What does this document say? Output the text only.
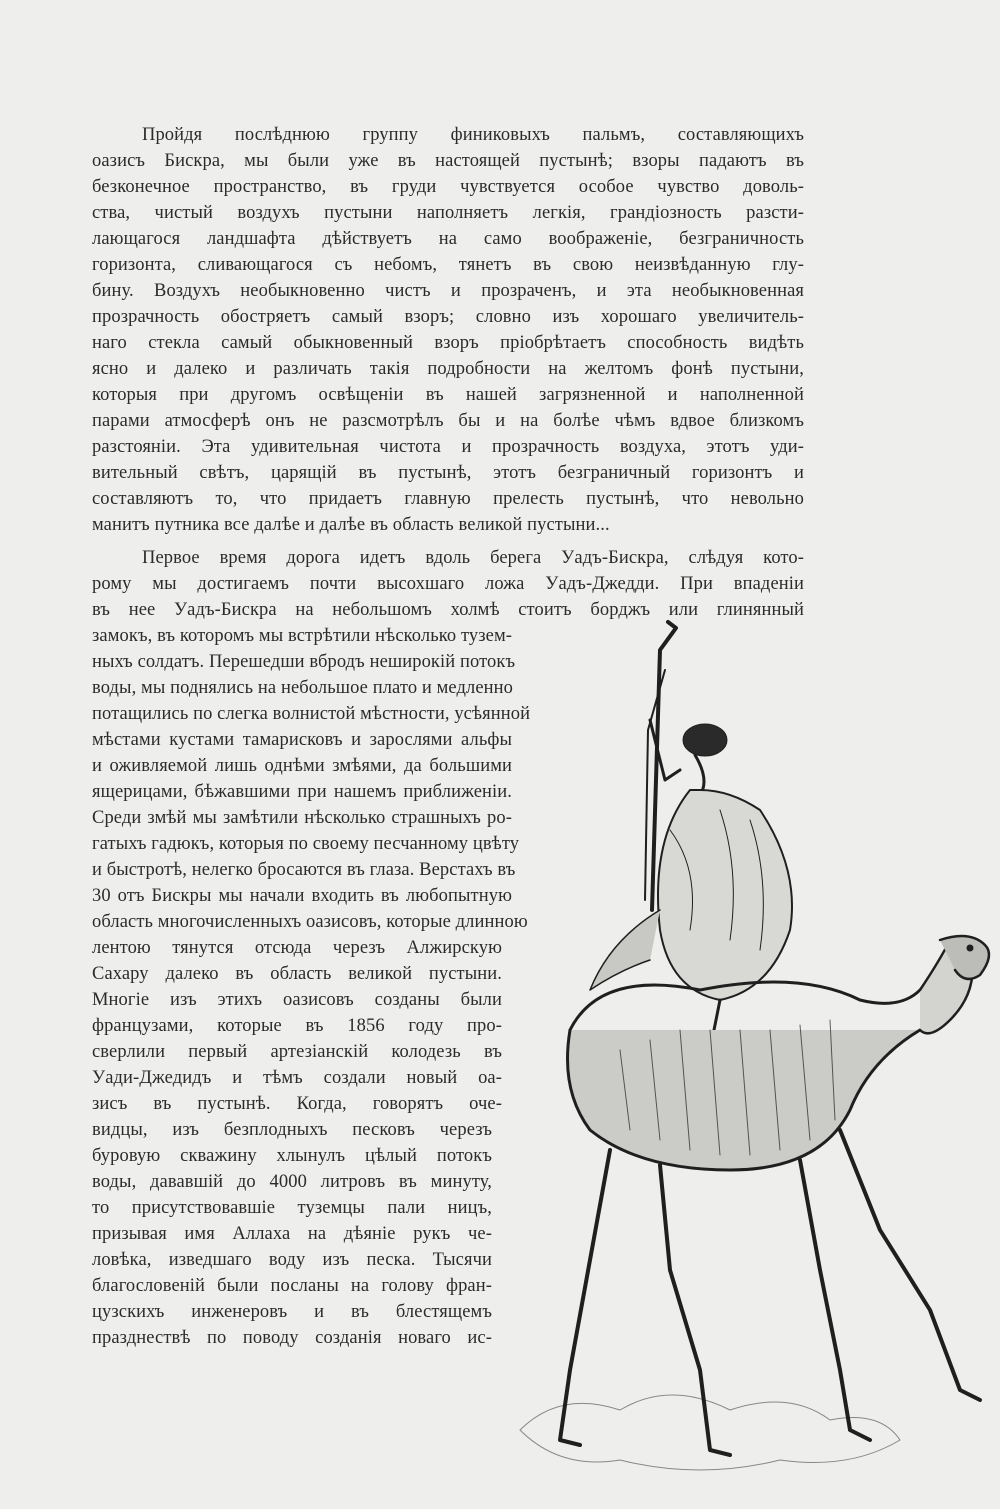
Пройдя послѣднюю группу финиковыхъ пальмъ, составляющихъ
оазисъ Бискра, мы были уже въ настоящей пустынѣ; взоры падаютъ въ
безконечное пространство, въ груди чувствуется особое чувство доволь-
ства, чистый воздухъ пустыни наполняетъ легкія, грандіозность разсти-
лающагося ландшафта дѣйствуетъ на само воображеніе, безграничность
горизонта, сливающагося съ небомъ, тянетъ въ свою неизвѣданную глу-
бину. Воздухъ необыкновенно чистъ и прозраченъ, и эта необыкновенная
прозрачность обостряетъ самый взоръ; словно изъ хорошаго увеличитель-
наго стекла самый обыкновенный взоръ пріобрѣтаетъ способность видѣть
ясно и далеко и различать такія подробности на желтомъ фонѣ пустыни,
которыя при другомъ освѣщеніи въ нашей загрязненной и наполненной
парами атмосферѣ онъ не разсмотрѣлъ бы и на болѣе чѣмъ вдвое близкомъ
разстояніи. Эта удивительная чистота и прозрачность воздуха, этотъ уди-
вительный свѣтъ, царящій въ пустынѣ, этотъ безграничный горизонтъ и
составляютъ то, что придаетъ главную прелесть пустынѣ, что невольно
манитъ путника все далѣе и далѣе въ область великой пустыни...
Первое время дорога идетъ вдоль берега Уадъ-Бискра, слѣдуя кото-
рому мы достигаемъ почти высохшаго ложа Уадъ-Джедди. При впаденіи
въ нее Уадъ-Бискра на небольшомъ холмѣ стоитъ борджъ или глинянный
замокъ, въ которомъ мы встрѣтили нѣсколько тузем-
ныхъ солдатъ. Перешедши вбродъ неширокій потокъ
воды, мы поднялись на небольшое плато и медленно
потащились по слегка волнистой мѣстности, усѣянной
мѣстами кустами тамарисковъ и зарослями альфы
и оживляемой лишь однѣми змѣями, да большими
ящерицами, бѣжавшими при нашемъ приближеніи.
Среди змѣй мы замѣтили нѣсколько страшныхъ ро-
гатыхъ гадюкъ, которыя по своему песчанному цвѣту
и быстротѣ, нелегко бросаются въ глаза. Верстахъ въ
30 отъ Бискры мы начали входить въ любопытную
область многочисленныхъ оазисовъ, которые длинною
лентою тянутся отсюда черезъ Алжирскую
Сахару далеко въ область великой пустыни.
Многіе изъ этихъ оазисовъ созданы были
французами, которые въ 1856 году про-
сверлили первый артезіанскій колодезь въ
Уади-Джедидъ и тѣмъ создали новый оа-
зисъ въ пустынѣ. Когда, говорятъ оче-
видцы, изъ безплодныхъ песковъ черезъ
буровую скважину хлынулъ цѣлый потокъ
воды, дававшій до 4000 литровъ въ минуту,
то присутствовавшіе туземцы пали ницъ,
призывая имя Аллаха на дѣяніе рукъ че-
ловѣка, изведшаго воду изъ песка. Тысячи
благословеній были посланы на голову фран-
цузскихъ инженеровъ и въ блестящемъ
празднествѣ по поводу созданія новаго ис-
